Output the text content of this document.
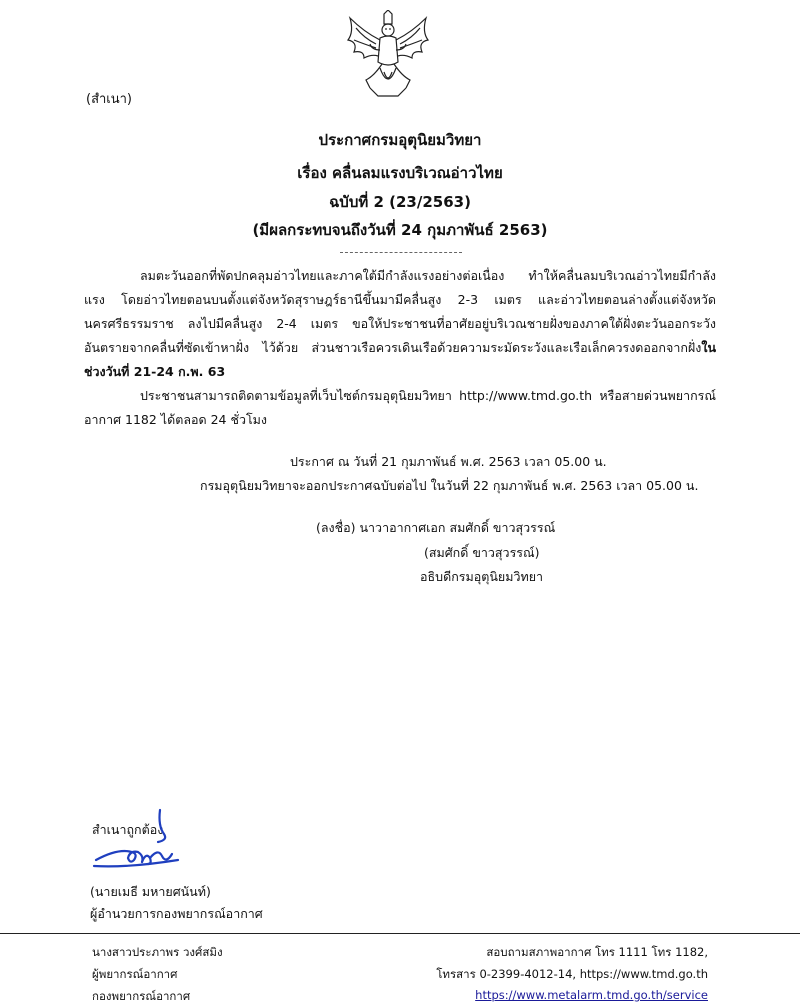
(สำเนา)
ประกาศกรมอุตุนิยมวิทยา
เรื่อง คลื่นลมแรงบริเวณอ่าวไทย
ฉบับที่ 2 (23/2563)
(มีผลกระทบจนถึงวันที่ 24 กุมภาพันธ์ 2563)

ลมตะวันออกที่พัดปกคลุมอ่าวไทยและภาคใต้มีกำลังแรงอย่างต่อเนื่อง ทำให้คลื่นลมบริเวณอ่าวไทยมีกำลังแรง โดยอ่าวไทยตอนบนตั้งแต่จังหวัดสุราษฎร์ธานีขึ้นมามีคลื่นสูง 2-3 เมตร และอ่าวไทยตอนล่างตั้งแต่จังหวัดนครศรีธรรมราช ลงไปมีคลื่นสูง 2-4 เมตร ขอให้ประชาชนที่อาศัยอยู่บริเวณชายฝั่งของภาคใต้ฝั่งตะวันออกระวังอันตรายจากคลื่นที่ซัดเข้าหาฝั่ง ไว้ด้วย ส่วนชาวเรือควรเดินเรือด้วยความระมัดระวังและเรือเล็กควรงดออกจากฝั่งในช่วงวันที่ 21-24 ก.พ. 63

ประชาชนสามารถติดตามข้อมูลที่เว็บไซต์กรมอุตุนิยมวิทยา http://www.tmd.go.th หรือสายด่วนพยากรณ์อากาศ 1182 ได้ตลอด 24 ชั่วโมง

ประกาศ ณ วันที่ 21 กุมภาพันธ์ พ.ศ. 2563 เวลา 05.00 น.
กรมอุตุนิยมวิทยาจะออกประกาศฉบับต่อไป ในวันที่ 22 กุมภาพันธ์ พ.ศ. 2563 เวลา 05.00 น.
(ลงชื่อ) นาวาอากาศเอก สมศักดิ์ ขาวสุวรรณ์
(สมศักดิ์ ขาวสุวรรณ์)
อธิบดีกรมอุตุนิยมวิทยา
สำเนาถูกต้อง
(นายเมธี มหายศนันท์)
ผู้อำนวยการกองพยากรณ์อากาศ
นางสาวประภาพร วงศ์สมิง
ผู้พยากรณ์อากาศ
กองพยากรณ์อากาศ
สอบถามสภาพอากาศ โทร 1111 โทร 1182,
โทรสาร 0-2399-4012-14, https://www.tmd.go.th
https://www.metalarm.tmd.go.th/service
